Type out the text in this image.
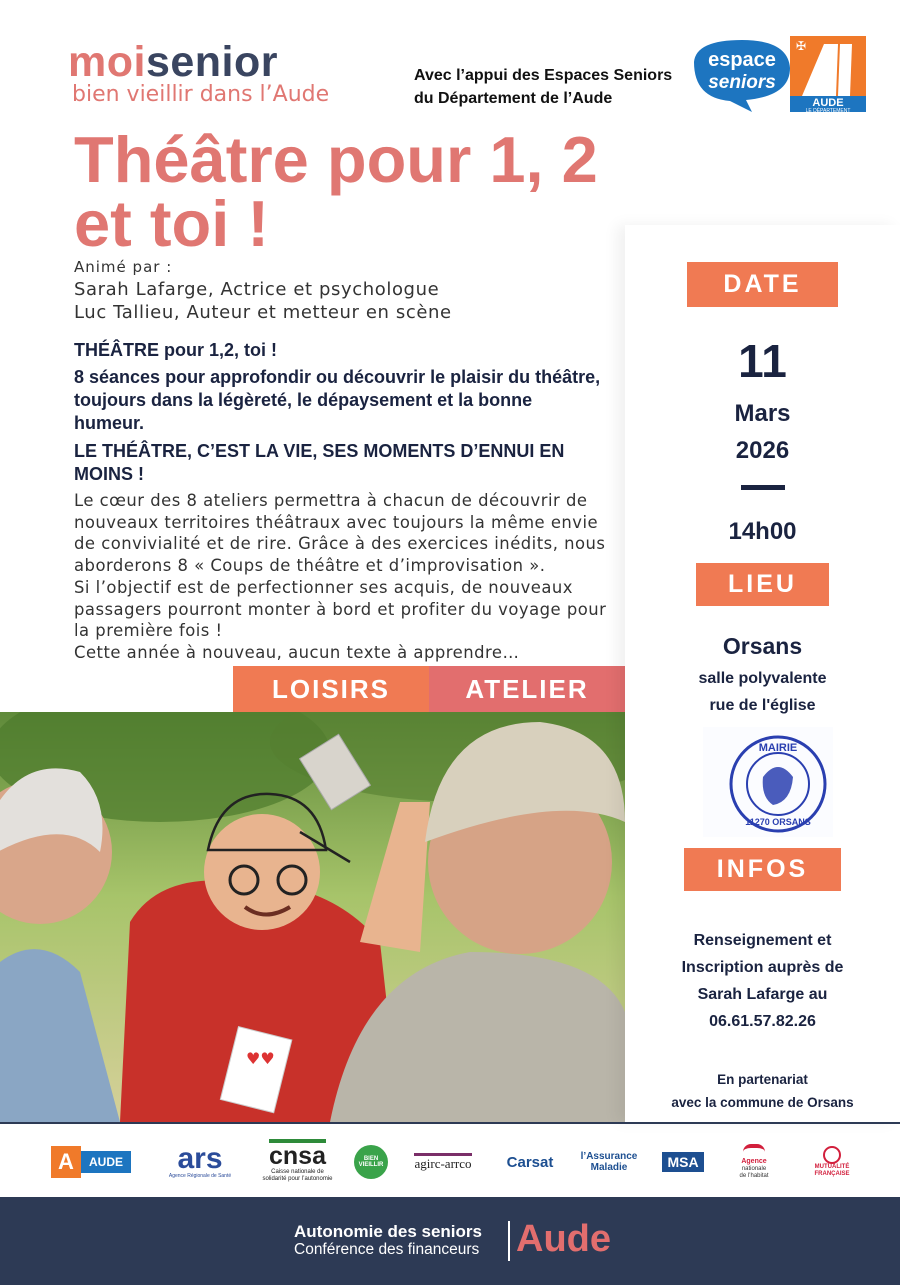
moisenior
bien vieillir dans l’Aude
Avec l’appui des Espaces Seniors
du Département de l’Aude
espace
seniors
✠
AUDE
LE DÉPARTEMENT
Théâtre pour 1, 2
et toi !
Animé par :
Sarah Lafarge, Actrice et psychologue
Luc Tallieu, Auteur et metteur en scène
THÉÂTRE pour 1,2, toi !
8 séances pour approfondir ou découvrir le plaisir du théâtre, toujours dans la légèreté, le dépaysement et la bonne humeur.
LE THÉÂTRE, C’EST LA VIE, SES MOMENTS D’ENNUI EN MOINS !
Le cœur des 8 ateliers permettra à chacun de découvrir de
nouveaux territoires théâtraux avec toujours la même envie
de convivialité et de rire. Grâce à des exercices inédits, nous
aborderons 8 « Coups de théâtre et d’improvisation ».
Si l’objectif est de perfectionner ses acquis, de nouveaux
passagers pourront monter à bord et profiter du voyage pour
la première fois !
Cette année à nouveau, aucun texte à apprendre…
LOISIRS	ATELIER
♥♥
DATE
11
Mars
2026
14h00
LIEU
Orsans
salle polyvalente
rue de l'église
MAIRIE
11270 ORSANS
INFOS
Renseignement et
Inscription auprès de
Sarah Lafarge au
06.61.57.82.26
En partenariat
avec la commune de Orsans
A	AUDE ars
Agence Régionale de Santé
cnsa
Caisse nationale de
solidarité pour l’autonomie
BIEN VIEILLIR	agirc-arrco Carsat	l’Assurance
Maladie	MSA	Agence
nationale
de l’habitat
MUTUALITÉ
FRANÇAISE
Autonomie des seniors
Conférence des financeurs Aude
